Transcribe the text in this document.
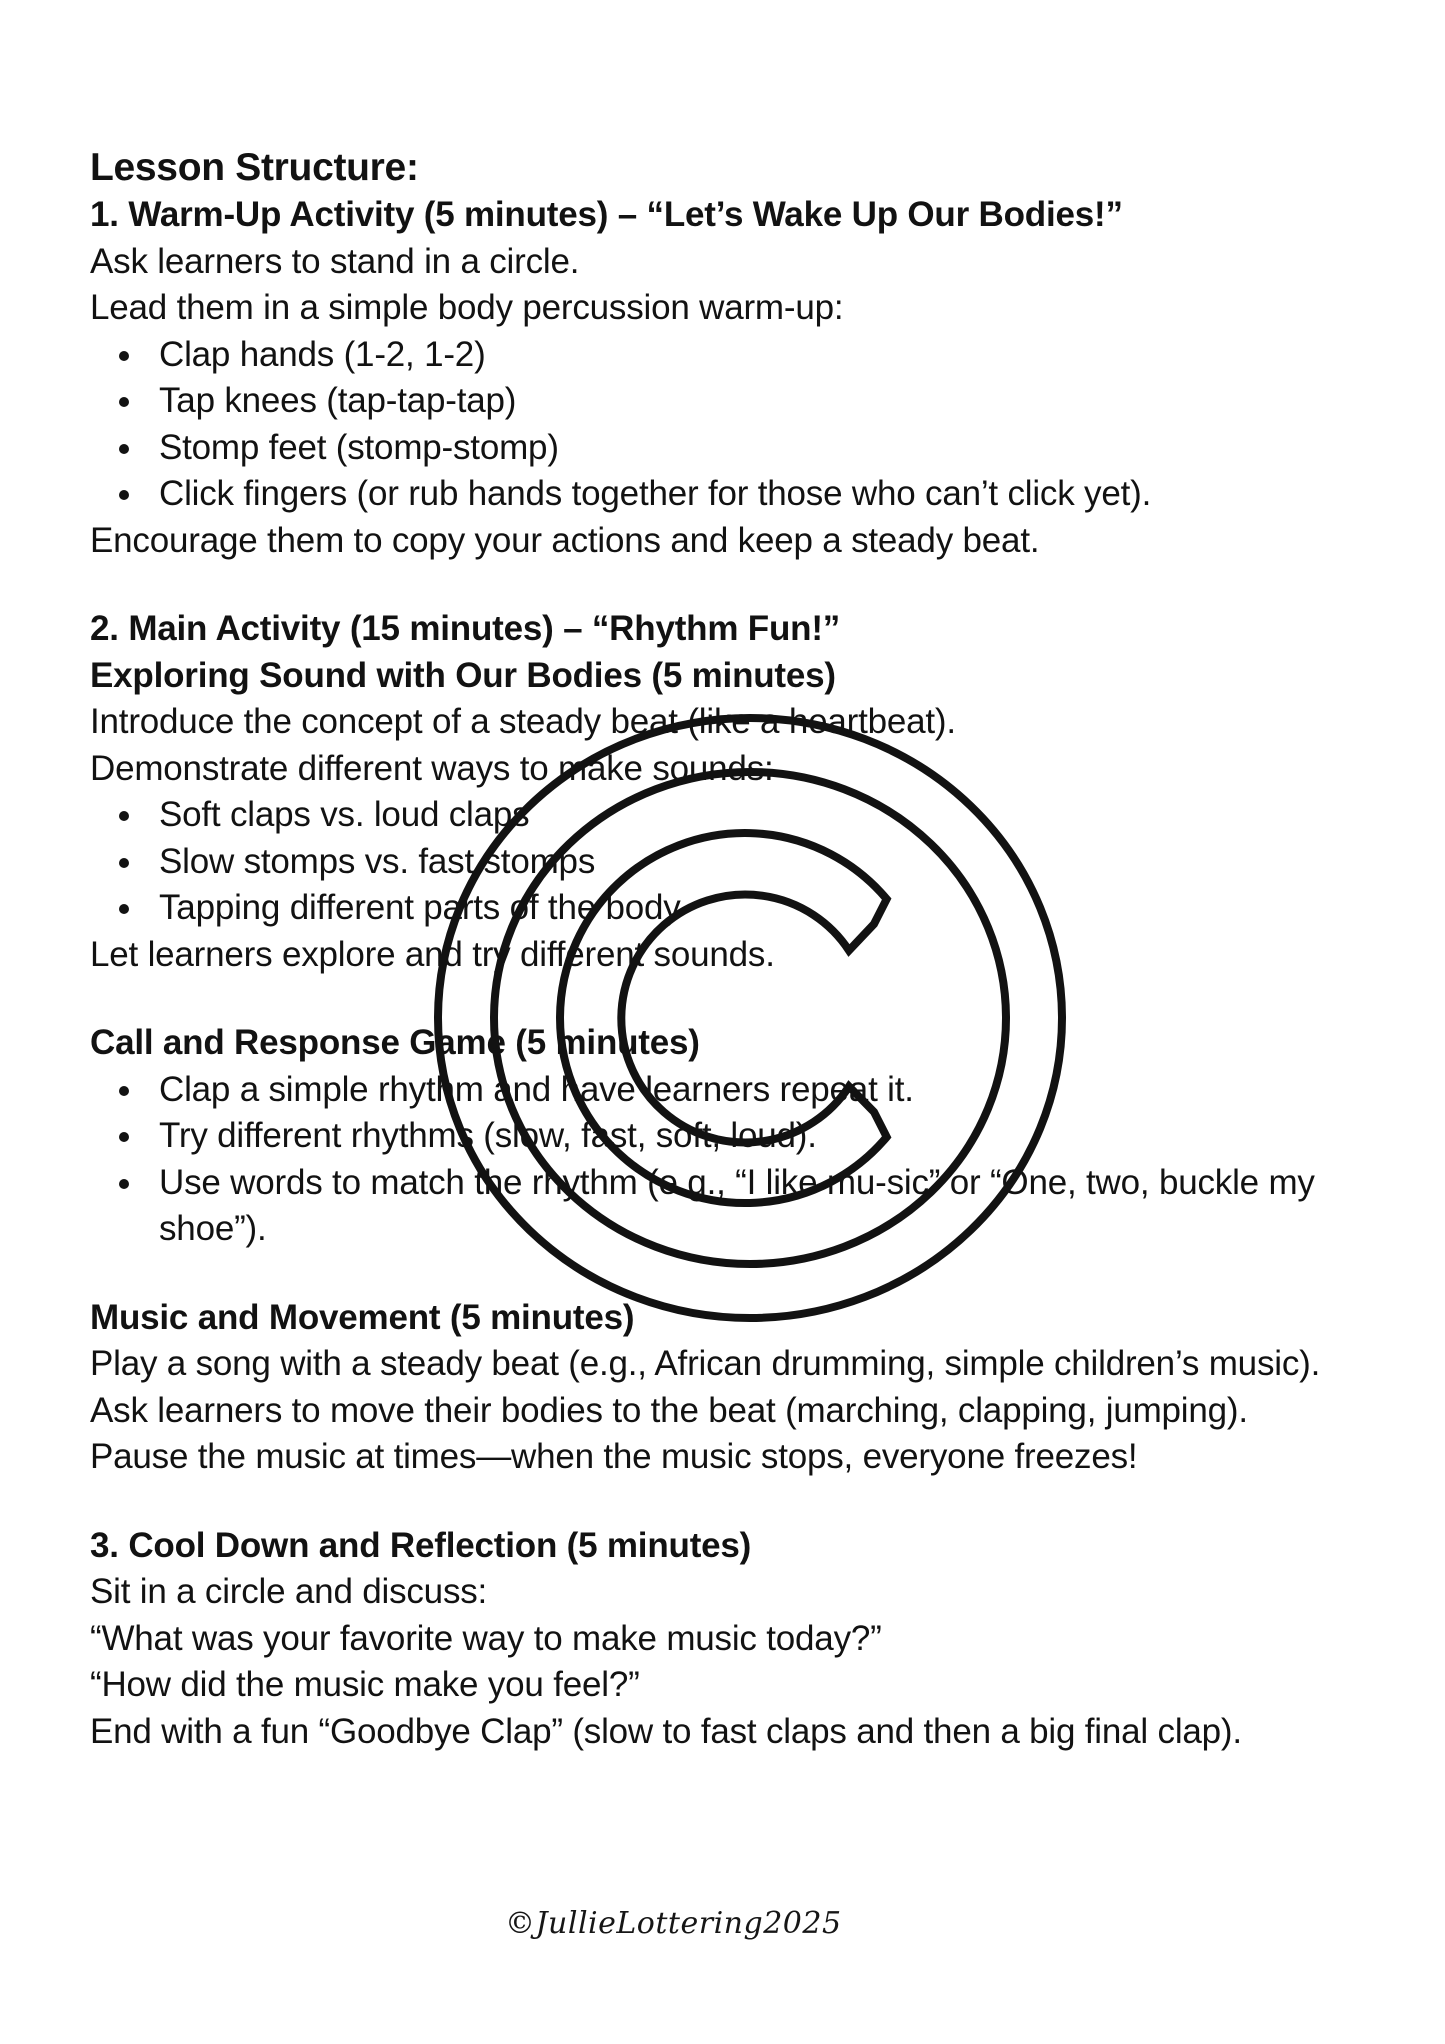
Lesson Structure:
1. Warm-Up Activity (5 minutes) – “Let’s Wake Up Our Bodies!”
Ask learners to stand in a circle.
Lead them in a simple body percussion warm-up:
Clap hands (1-2, 1-2)
Tap knees (tap-tap-tap)
Stomp feet (stomp-stomp)
Click fingers (or rub hands together for those who can’t click yet).
Encourage them to copy your actions and keep a steady beat.
2. Main Activity (15 minutes) – “Rhythm Fun!”
Exploring Sound with Our Bodies (5 minutes)
Introduce the concept of a steady beat (like a heartbeat).
Demonstrate different ways to make sounds:
Soft claps vs. loud claps
Slow stomps vs. fast stomps
Tapping different parts of the body
Let learners explore and try different sounds.
Call and Response Game (5 minutes)
Clap a simple rhythm and have learners repeat it.
Try different rhythms (slow, fast, soft, loud).
Use words to match the rhythm (e.g., “I like mu-sic” or “One, two, buckle my
shoe”).
Music and Movement (5 minutes)
Play a song with a steady beat (e.g., African drumming, simple children’s music).
Ask learners to move their bodies to the beat (marching, clapping, jumping).
Pause the music at times—when the music stops, everyone freezes!
3. Cool Down and Reflection (5 minutes)
Sit in a circle and discuss:
“What was your favorite way to make music today?”
“How did the music make you feel?”
End with a fun “Goodbye Clap” (slow to fast claps and then a big final clap).
©JullieLottering2025
